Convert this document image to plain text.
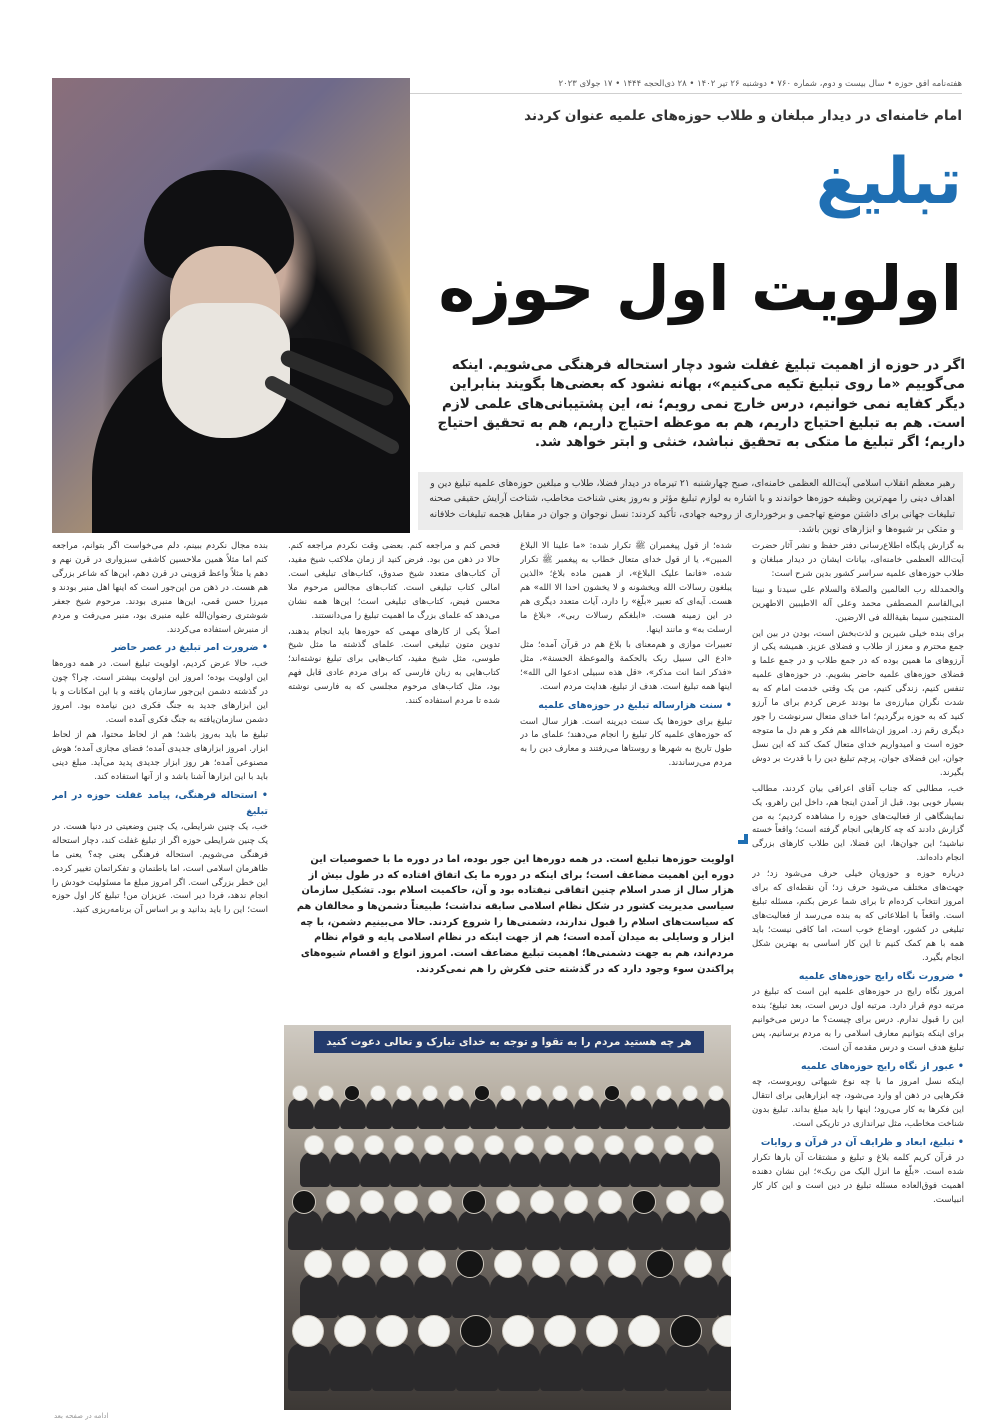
هفته‌نامه افق حوزه • سال بیست و دوم، شماره ۷۶۰ • دوشنبه ۲۶ تیر ۱۴۰۲ • ۲۸ ذی‌الحجه ۱۴۴۴ • ۱۷ جولای ۲۰۲۳
امام خامنه‌ای در دیدار مبلغان و طلاب حوزه‌های علمیه عنوان کردند
تبلیغ
اولویت اول حوزه
اگر در حوزه از اهمیت تبلیغ غفلت شود دچار استحاله فرهنگی می‌شویم. اینکه می‌گوییم «ما روی تبلیغ تکیه می‌کنیم»، بهانه نشود که بعضی‌ها بگویند بنابراین دیگر کفایه نمی خوانیم، درس خارج نمی رویم؛ نه، این پشتیبانی‌های علمی لازم است. هم به تبلیغ احتیاج داریم، هم به موعظه احتیاج داریم، هم به تحقیق احتیاج داریم؛ اگر تبلیغ ما متکی به تحقیق نباشد، خنثی و ابتر خواهد شد.
رهبر معظم انقلاب اسلامی آیت‌الله العظمی خامنه‌ای، صبح چهارشنبه ۲۱ تیرماه در دیدار فضلا، طلاب و مبلغین حوزه‌های علمیه تبلیغ دین و اهداف دینی را مهم‌ترین وظیفه حوزه‌ها خواندند و با اشاره به لوازم تبلیغ مؤثر و به‌روز یعنی شناخت مخاطب، شناخت آرایش حقیقی صحنه تبلیغات جهانی برای داشتن موضع تهاجمی و برخورداری از روحیه جهادی، تأکید کردند: نسل نوجوان و جوان در مقابل هجمه تبلیغات خلافانه و متکی بر شیوه‌ها و ابزارهای نوین باشد.

به گزارش پایگاه اطلاع‌رسانی دفتر حفظ و نشر آثار حضرت آیت‌الله العظمی خامنه‌ای، بیانات ایشان در دیدار مبلغان و طلاب حوزه‌های علمیه سراسر کشور بدین شرح است:

والحمدلله رب العالمین والصلاة والسلام علی سیدنا و نبینا ابی‌القاسم المصطفی محمد وعلی آله الاطیبین الاطهرین المنتجبین سیما بقیة‌الله فی الارضین.

برای بنده خیلی شیرین و لذت‌بخش است، بودن در بین این جمع محترم و معزز از طلاب و فضلای عزیز. همیشه یکی از آرزوهای ما همین بوده که در جمع طلاب و در جمع علما و فضلای حوزه‌های علمیه حاضر بشویم. در حوزه‌های علمیه تنفس کنیم، زندگی کنیم، من یک وقتی خدمت امام که به شدت نگران مبارزه‌ی ما بودند عرض کردم برای ما آرزو کنید که به حوزه برگردیم؛ اما خدای متعال سرنوشت را جور دیگری رقم زد. امروز ان‌شاءالله هم فکر و هم دل ما متوجه حوزه است و امیدواریم خدای متعال کمک کند که این نسل جوان، این فضلای جوان، پرچم تبلیغ دین را با قدرت بر دوش بگیرند.

خب، مطالبی که جناب آقای اعرافی بیان کردند، مطالب بسیار خوبی بود. قبل از آمدن اینجا هم، داخل این راهرو، یک نمایشگاهی از فعالیت‌های حوزه را مشاهده کردیم؛ به من گزارش دادند که چه کارهایی انجام گرفته است؛ واقعاً خسته نباشید؛ این جوان‌ها، این فضلا، این طلاب کارهای بزرگی انجام داده‌اند.

درباره حوزه و حوزویان خیلی حرف می‌شود زد؛ در جهت‌های مختلف می‌شود حرف زد؛ آن نقطه‌ای که برای امروز انتخاب کرده‌ام تا برای شما عرض بکنم، مسئله تبلیغ است. واقعاً با اطلاعاتی که به بنده می‌رسد از فعالیت‌های تبلیغی در کشور، اوضاع خوب است، اما کافی نیست؛ باید همه با هم کمک کنیم تا این کار اساسی به بهترین شکل انجام بگیرد.

• ضرورت نگاه رایج حوزه‌های علمیه

امروز نگاه رایج در حوزه‌های علمیه این است که تبلیغ در مرتبه دوم قرار دارد. مرتبه اول درس است، بعد تبلیغ؛ بنده این را قبول ندارم. درس برای چیست؟ ما درس می‌خوانیم برای اینکه بتوانیم معارف اسلامی را به مردم برسانیم، پس تبلیغ هدف است و درس مقدمه آن است.

• عبور از نگاه رایج حوزه‌های علمیه

اینکه نسل امروز ما با چه نوع شبهاتی روبروست، چه فکرهایی در ذهن او وارد می‌شود، چه ابزارهایی برای انتقال این فکرها به کار می‌رود؛ اینها را باید مبلغ بداند. تبلیغ بدون شناخت مخاطب، مثل تیراندازی در تاریکی است.

• تبلیغ، ابعاد و ظرایف آن در قرآن و روایات

در قرآن کریم کلمه بلاغ و تبلیغ و مشتقات آن بارها تکرار شده است. «بلّغ ما انزل الیک من ربک»؛ این نشان دهنده اهمیت فوق‌العاده مسئله تبلیغ در دین است و این کار کار انبیاست.

شده؛ از قول پیغمبران ﷺ تکرار شده: «ما علینا الا البلاغ المبین»، یا از قول خدای متعال خطاب به پیغمبر ﷺ تکرار شده، «فانما علیک البلاغ»، از همین ماده بلاغ؛ «الذین یبلغون رسالات الله ویخشونه و لا یخشون احدا الا الله» هم هست. آیه‌ای که تعبیر «بلّغ» را دارد، آیات متعدد دیگری هم در این زمینه هست. «ابلغکم رسالات ربی»، «بلاغ ما ارسلت به» و مانند اینها.

تعبیرات موازی و هم‌معنای با بلاغ هم در قرآن آمده؛ مثل «ادع الی سبیل ربک بالحکمة والموعظة الحسنة»، مثل «فذکر انما انت مذکر»، «قل هذه سبیلی ادعوا الی الله»؛ اینها همه تبلیغ است. هدف از تبلیغ، هدایت مردم است.

• سنت هزارساله تبلیغ در حوزه‌های علمیه

تبلیغ برای حوزه‌ها یک سنت دیرینه است. هزار سال است که حوزه‌های علمیه کار تبلیغ را انجام می‌دهند؛ علمای ما در طول تاریخ به شهرها و روستاها می‌رفتند و معارف دین را به مردم می‌رساندند.

فحص کنم و مراجعه کنم. بعضی وقت نکردم مراجعه کنم. حالا در ذهن من بود. فرض کنید از زمان ملاکتب شیخ مفید، آن کتاب‌های متعدد شیخ صدوق، کتاب‌های تبلیغی است. امالی کتاب تبلیغی است. کتاب‌های مجالس مرحوم ملا محسن فیض، کتاب‌های تبلیغی است؛ این‌ها همه نشان می‌دهد که علمای بزرگ ما اهمیت تبلیغ را می‌دانستند.

اصلاً یکی از کارهای مهمی که حوزه‌ها باید انجام بدهند، تدوین متون تبلیغی است. علمای گذشته ما مثل شیخ طوسی، مثل شیخ مفید، کتاب‌هایی برای تبلیغ نوشته‌اند؛ کتاب‌هایی به زبان فارسی که برای مردم عادی قابل فهم بود، مثل کتاب‌های مرحوم مجلسی که به فارسی نوشته شده تا مردم استفاده کنند.

بنده مجال نکردم ببینم‌، دلم می‌خواست اگر بتوانم، مراجعه کنم اما مثلاً همین ملاحسین کاشفی سبزواری در قرن نهم و دهم یا مثلاً واعظ قزوینی در قرن دهم، این‌ها که شاعر بزرگی هم هست. در ذهن من این‌جور است که اینها اهل منبر بودند و میرزا حسن قمی، این‌ها منبری بودند. مرحوم شیخ جعفر شوشتری رضوان‌الله علیه منبری بود، منبر می‌رفت و مردم از منبرش استفاده می‌کردند.

• ضرورت امر تبلیغ در عصر حاضر

خب، حالا عرض کردیم، اولویت تبلیغ است. در همه دوره‌ها این اولویت بوده؛ امروز این اولویت بیشتر است. چرا؟ چون در گذشته دشمن این‌جور سازمان یافته و با این امکانات و با این ابزارهای جدید به جنگ فکری دین نیامده بود. امروز دشمن سازمان‌یافته به جنگ فکری آمده است.

تبلیغ ما باید به‌روز باشد؛ هم از لحاظ محتوا، هم از لحاظ ابزار. امروز ابزارهای جدیدی آمده؛ فضای مجازی آمده؛ هوش مصنوعی آمده؛ هر روز ابزار جدیدی پدید می‌آید. مبلغ دینی باید با این ابزارها آشنا باشد و از آنها استفاده کند.

• استحاله فرهنگی، پیامد غفلت حوزه در امر تبلیغ

خب، یک چنین شرایطی، یک چنین وضعیتی در دنیا هست. در یک چنین شرایطی حوزه اگر از تبلیغ غفلت کند، دچار استحاله فرهنگی می‌شویم. استحاله فرهنگی یعنی چه؟ یعنی ما ظاهرمان اسلامی است، اما باطنمان و تفکراتمان تغییر کرده. این خطر بزرگی است. اگر امروز مبلغ ما مسئولیت خودش را انجام ندهد، فردا دیر است. عزیزان من! تبلیغ کار اول حوزه است؛ این را باید بدانید و بر اساس آن برنامه‌ریزی کنید.

اولویت حوزه‌ها تبلیغ است. در همه دوره‌ها این جور بوده، اما در دوره ما با خصوصیات این دوره این اهمیت مضاعف است؛ برای اینکه در دوره ما یک اتفاق افتاده که در طول بیش از هزار سال از صدر اسلام چنین اتفاقی نیفتاده بود و آن، حاکمیت اسلام بود. تشکیل سازمان سیاسی مدیریت کشور در شکل نظام اسلامی سابقه نداشت؛ طبیعتاً دشمن‌ها و مخالفان هم که سیاست‌های اسلام را قبول ندارند، دشمنی‌ها را شروع کردند. حالا می‌بینیم دشمن، با چه ابزار و وسایلی به میدان آمده است؛ هم از جهت اینکه در نظام اسلامی پایه و قوام نظام مردم‌اند، هم به جهت دشمنی‌ها؛ اهمیت تبلیغ مضاعف است. امروز انواع و اقسام شیوه‌های پراکندن سوء وجود دارد که در گذشته حتی فکرش را هم نمی‌کردند.
هر چه هستید مردم را به تقوا و توجه به خدای تبارک و تعالی دعوت کنید
ادامه در صفحه بعد
